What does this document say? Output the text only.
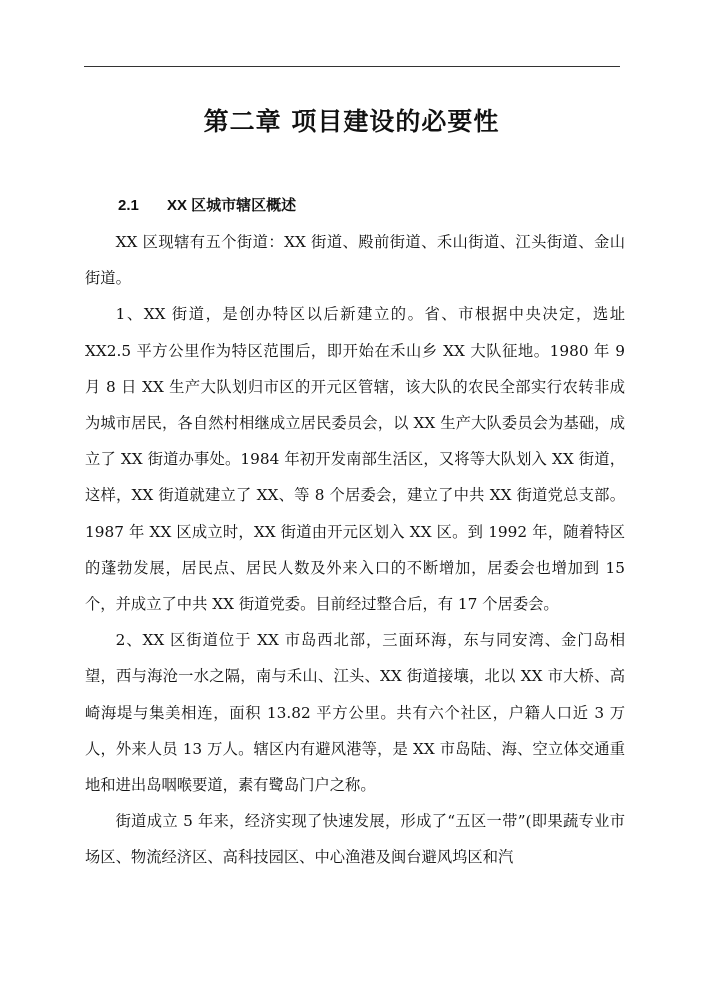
第二章 项目建设的必要性
2.1 XX 区城市辖区概述

XX 区现辖有五个街道：XX 街道、殿前街道、禾山街道、江头街道、金山街道。

1、XX 街道，是创办特区以后新建立的。省、市根据中央决定，选址 XX2.5 平方公里作为特区范围后，即开始在禾山乡 XX 大队征地。1980 年 9 月 8 日 XX 生产大队划归市区的开元区管辖，该大队的农民全部实行农转非成为城市居民，各自然村相继成立居民委员会，以 XX 生产大队委员会为基础，成立了 XX 街道办事处。1984 年初开发南部生活区，又将等大队划入 XX 街道，这样，XX 街道就建立了 XX、等 8 个居委会，建立了中共 XX 街道党总支部。1987 年 XX 区成立时，XX 街道由开元区划入 XX 区。到 1992 年，随着特区的蓬勃发展，居民点、居民人数及外来入口的不断增加，居委会也增加到 15 个，并成立了中共 XX 街道党委。目前经过整合后，有 17 个居委会。

2、XX 区街道位于 XX 市岛西北部，三面环海，东与同安湾、金门岛相望，西与海沧一水之隔，南与禾山、江头、XX 街道接壤，北以 XX 市大桥、高崎海堤与集美相连，面积 13.82 平方公里。共有六个社区，户籍人口近 3 万人，外来人员 13 万人。辖区内有避风港等，是 XX 市岛陆、海、空立体交通重地和进出岛咽喉要道，素有鹭岛门户之称。

街道成立 5 年来，经济实现了快速发展，形成了“五区一带”(即果蔬专业市场区、物流经济区、高科技园区、中心渔港及闽台避风坞区和汽
